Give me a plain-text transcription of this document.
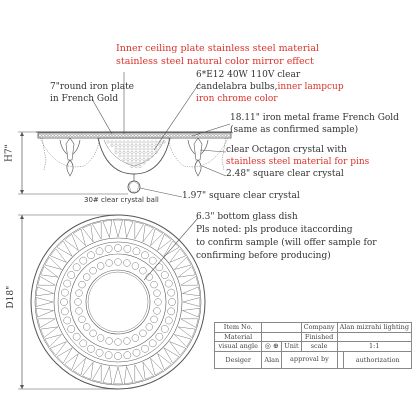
Inner ceiling plate stainless steel material
stainless steel natural color mirror effect
6*E12 40W 110V clear
candelabra bulbs,inner lampcup
iron chrome color
7"round iron plate
in French Gold
18.11" iron metal frame French Gold
(same as confirmed sample)
clear Octagon crystal with
stainless steel material for pins
2.48" square clear crystal
1.97" square clear crystal
30# clear crystal ball
H7"
D18"
6.3" bottom glass dish
Pls noted: pls produce itaccording
to confirm sample (will offer sample for
confirming before producing)
Item No.			Company	Alan mizrahi lighting	
Material			Finished		
visual angle	◎ ⊕	Unit	scale	1:1	
Desiger	Alan	approval by			authorization
